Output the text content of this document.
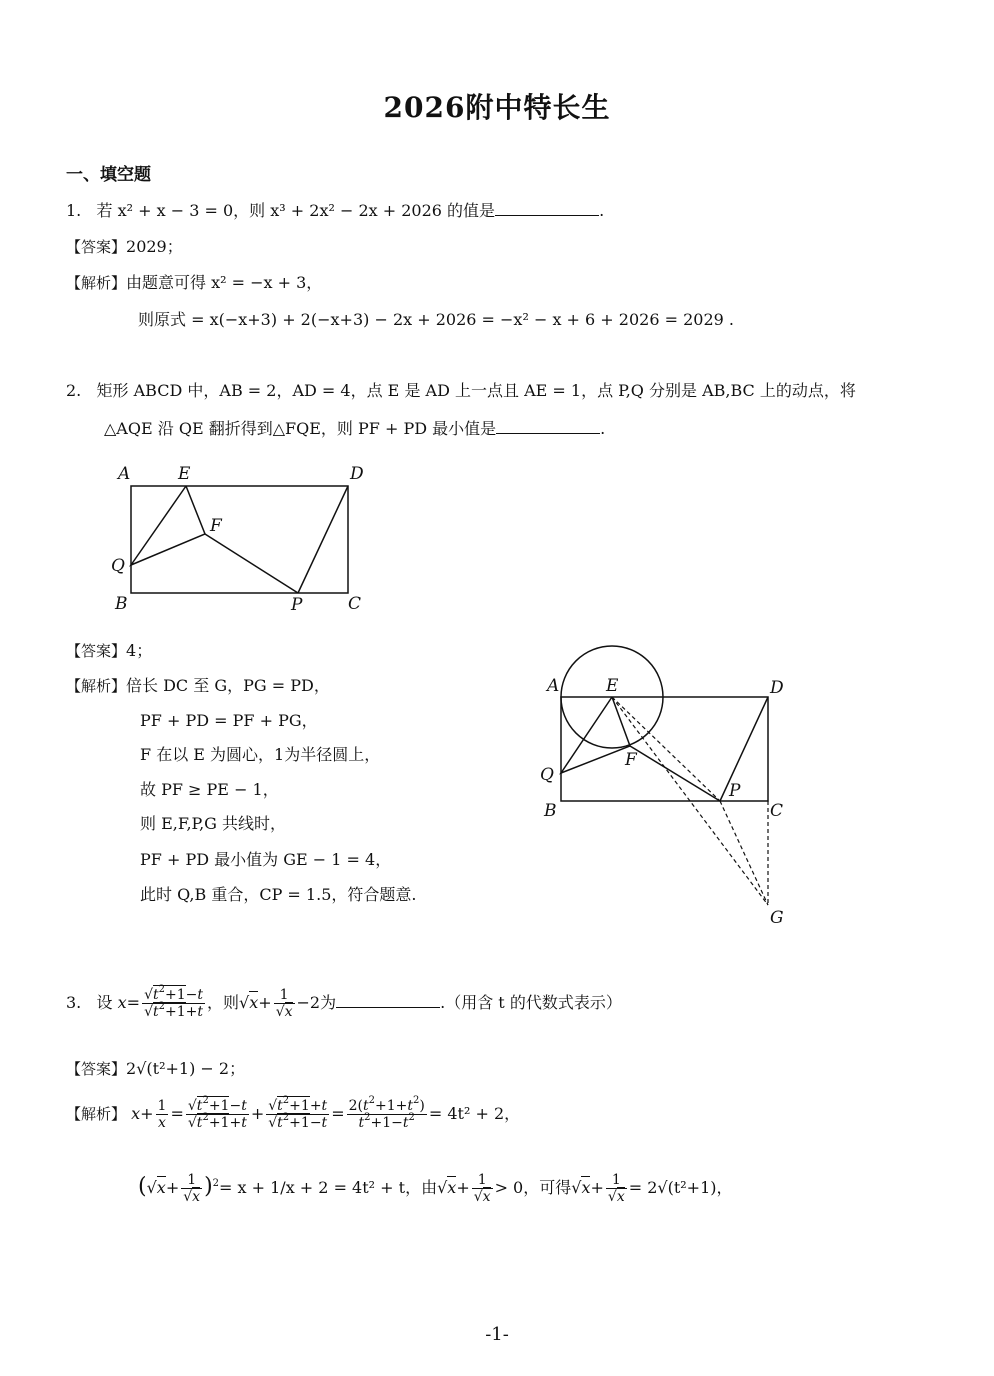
2026附中特长生
一、填空题
1. 若 x² + x − 3 = 0，则 x³ + 2x² − 2x + 2026 的值是	.
【答案】2029；
【解析】由题意可得 x² = −x + 3，
则原式 = x(−x+3) + 2(−x+3) − 2x + 2026 = −x² − x + 6 + 2026 = 2029 .
2. 矩形 ABCD 中，AB = 2，AD = 4，点 E 是 AD 上一点且 AE = 1，点 P,Q 分别是 AB,BC 上的动点，将
△AQE 沿 QE 翻折得到△FQE，则 PF + PD 最小值是	.
A	E	D
F
Q
B	P	C
【答案】4；
【解析】倍长 DC 至 G，PG = PD，
PF + PD = PF + PG，
F 在以 E 为圆心，1为半径圆上，
故 PF ≥ PE − 1，
则 E,F,P,G 共线时，
PF + PD 最小值为 GE − 1 = 4，
此时 Q,B 重合，CP = 1.5，符合题意.
A	E	D
F
Q
B
P
C
G
3. 设 $x= \frac{√t^2+1-t}{√t^2+1+t}$ ，则$√x+ \frac{1}{√x} -2$为	.（用含 t 的代数式表示）
【答案】2√(t²+1) − 2；
【解析】 $x+ \frac{1}{x} = \frac{√t^2+1-t}{√t^2+1+t} + \frac{√t^2+1+t}{√t^2+1-t} = \frac{2(t^2+1+t^2)}{t^2+1-t^2} = 4t^2 + 2$，
$(√x+ \frac{1}{√x} )^2= x + 1/x + 2 = 4t^2 + t$，由$√x+ \frac{1}{√x} > 0$，可得$√x+ \frac{1}{√x} = 2√(t^2+1)$，
-1-
